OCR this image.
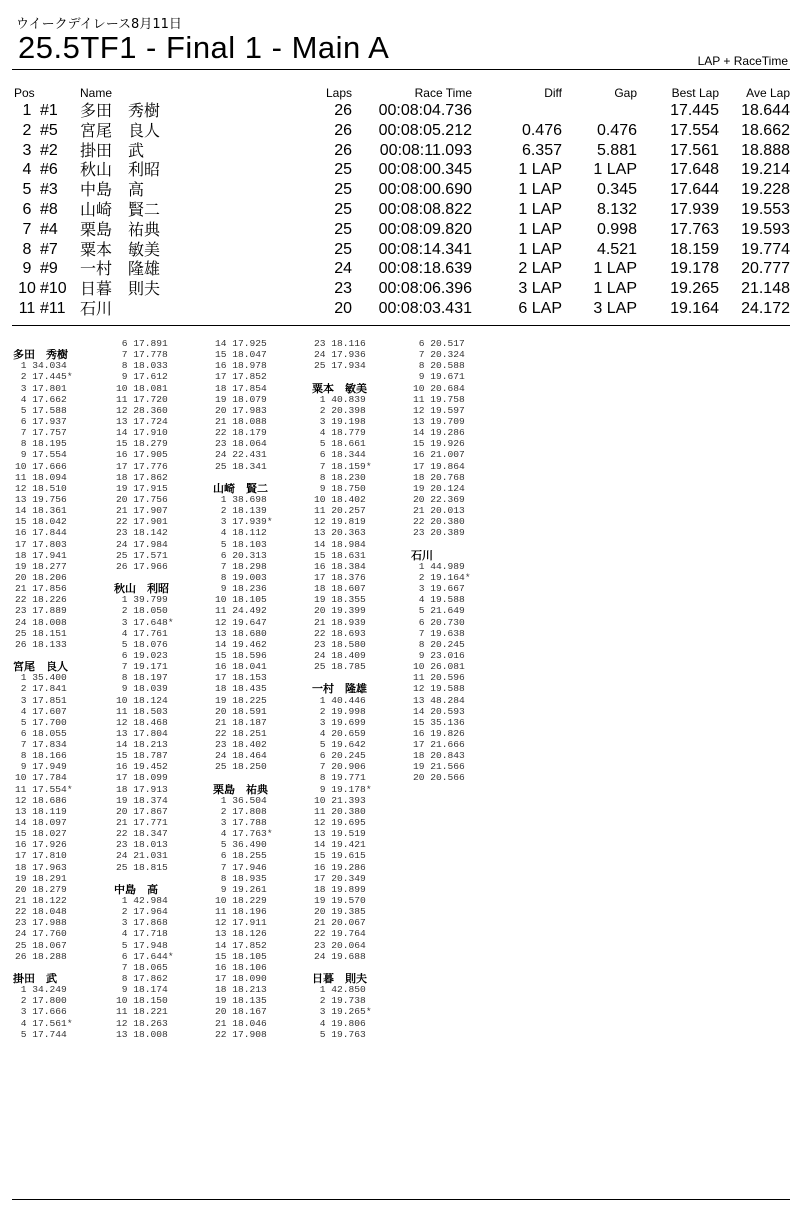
ウイークデイレース8月11日
25.5TF1 - Final 1 - Main A	LAP + RaceTime
Pos		Name	Laps	Race Time	Diff	Gap	Best Lap	Ave Lap
1	#1	多田　秀樹	26	00:08:04.736			17.445	18.644
2	#5	宮尾　良人	26	00:08:05.212	0.476	0.476	17.554	18.662
3	#2	掛田　武	26	00:08:11.093	6.357	5.881	17.561	18.888
4	#6	秋山　利昭	25	00:08:00.345	1 LAP	1 LAP	17.648	19.214
5	#3	中島　高	25	00:08:00.690	1 LAP	0.345	17.644	19.228
6	#8	山崎　賢二	25	00:08:08.822	1 LAP	8.132	17.939	19.553
7	#4	栗島　祐典	25	00:08:09.820	1 LAP	0.998	17.763	19.593
8	#7	粟本　敏美	25	00:08:14.341	1 LAP	4.521	18.159	19.774
9	#9	一村　隆雄	24	00:08:18.639	2 LAP	1 LAP	19.178	20.777
10	#10	日暮　則夫	23	00:08:06.396	3 LAP	1 LAP	19.265	21.148
11	#11	石川	20	00:08:03.431	6 LAP	3 LAP	19.164	24.172
多田　秀樹
1 34.034
2 17.445*
3 17.801
4 17.662
5 17.588
6 17.937
7 17.757
8 18.195
9 17.554
10 17.666
11 18.094
12 18.510
13 19.756
14 18.361
15 18.042
16 17.844
17 17.803
18 17.941
19 18.277
20 18.206
21 17.856
22 18.226
23 17.889
24 18.008
25 18.151
26 18.133
宮尾　良人
1 35.400
2 17.841
3 17.851
4 17.607
5 17.700
6 18.055
7 17.834
8 18.166
9 17.949
10 17.784
11 17.554*
12 18.686
13 18.119
14 18.097
15 18.027
16 17.926
17 17.810
18 17.963
19 18.291
20 18.279
21 18.122
22 18.048
23 17.988
24 17.760
25 18.067
26 18.288
掛田　武
1 34.249
2 17.800
3 17.666
4 17.561*
5 17.744
6 17.891
7 17.778
8 18.033
9 17.612
10 18.081
11 17.720
12 28.360
13 17.724
14 17.910
15 18.279
16 17.905
17 17.776
18 17.862
19 17.915
20 17.756
21 17.907
22 17.901
23 18.142
24 17.984
25 17.571
26 17.966
秋山　利昭
1 39.799
2 18.050
3 17.648*
4 17.761
5 18.076
6 19.023
7 19.171
8 18.197
9 18.039
10 18.124
11 18.503
12 18.468
13 17.804
14 18.213
15 18.787
16 19.452
17 18.099
18 17.913
19 18.374
20 17.867
21 17.771
22 18.347
23 18.013
24 21.031
25 18.815
中島　高
1 42.984
2 17.964
3 17.868
4 17.718
5 17.948
6 17.644*
7 18.065
8 17.862
9 18.174
10 18.150
11 18.221
12 18.263
13 18.008
14 17.925
15 18.047
16 18.978
17 17.852
18 17.854
19 18.079
20 17.983
21 18.088
22 18.179
23 18.064
24 22.431
25 18.341
山崎　賢二
1 38.698
2 18.139
3 17.939*
4 18.112
5 18.103
6 20.313
7 18.298
8 19.003
9 18.236
10 18.105
11 24.492
12 19.647
13 18.680
14 19.462
15 18.596
16 18.041
17 18.153
18 18.435
19 18.225
20 18.591
21 18.187
22 18.251
23 18.402
24 18.464
25 18.250
栗島　祐典
1 36.504
2 17.808
3 17.788
4 17.763*
5 36.490
6 18.255
7 17.946
8 18.935
9 19.261
10 18.229
11 18.196
12 17.911
13 18.126
14 17.852
15 18.105
16 18.106
17 18.090
18 18.213
19 18.135
20 18.167
21 18.046
22 17.908
23 18.116
24 17.936
25 17.934
粟本　敏美
1 40.839
2 20.398
3 19.198
4 18.779
5 18.661
6 18.344
7 18.159*
8 18.230
9 18.750
10 18.402
11 20.257
12 19.819
13 20.363
14 18.984
15 18.631
16 18.384
17 18.376
18 18.607
19 18.355
20 19.399
21 18.939
22 18.693
23 18.580
24 18.409
25 18.785
一村　隆雄
1 40.446
2 19.998
3 19.699
4 20.659
5 19.642
6 20.245
7 20.906
8 19.771
9 19.178*
10 21.393
11 20.380
12 19.695
13 19.519
14 19.421
15 19.615
16 19.286
17 20.349
18 19.899
19 19.570
20 19.385
21 20.067
22 19.764
23 20.064
24 19.688
日暮　則夫
1 42.850
2 19.738
3 19.265*
4 19.806
5 19.763
6 20.517
7 20.324
8 20.588
9 19.671
10 20.684
11 19.758
12 19.597
13 19.709
14 19.286
15 19.926
16 21.007
17 19.864
18 20.768
19 20.124
20 22.369
21 20.013
22 20.380
23 20.389
石川
1 44.989
2 19.164*
3 19.667
4 19.588
5 21.649
6 20.730
7 19.638
8 20.245
9 23.016
10 26.081
11 20.596
12 19.588
13 48.284
14 20.593
15 35.136
16 19.826
17 21.666
18 20.843
19 21.566
20 20.566
